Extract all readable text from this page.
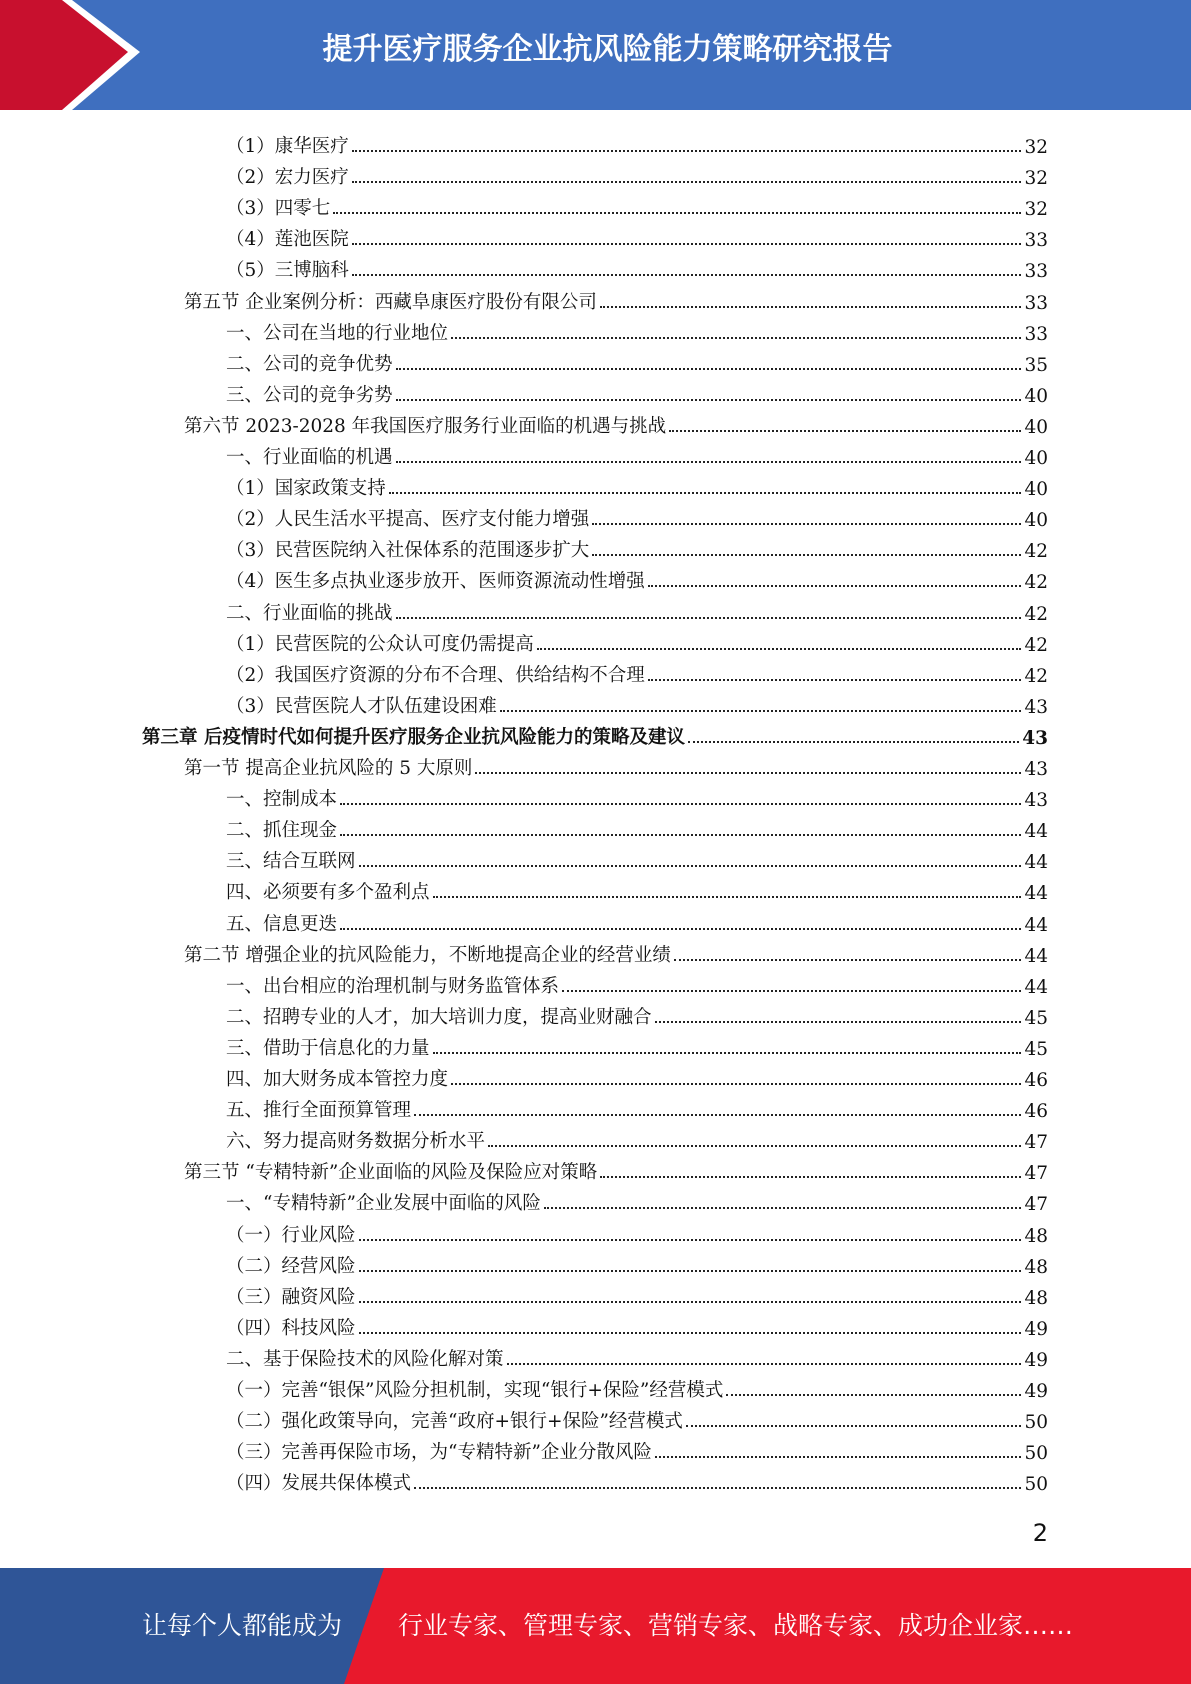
提升医疗服务企业抗风险能力策略研究报告
（1）康华医疗	32
（2）宏力医疗	32
（3）四零七	32
（4）莲池医院	33
（5）三博脑科	33
第五节 企业案例分析：西藏阜康医疗股份有限公司	33
一、公司在当地的行业地位	33
二、公司的竞争优势	35
三、公司的竞争劣势	40
第六节 2023-2028 年我国医疗服务行业面临的机遇与挑战	40
一、行业面临的机遇	40
（1）国家政策支持	40
（2）人民生活水平提高、医疗支付能力增强	40
（3）民营医院纳入社保体系的范围逐步扩大	42
（4）医生多点执业逐步放开、医师资源流动性增强	42
二、行业面临的挑战	42
（1）民营医院的公众认可度仍需提高	42
（2）我国医疗资源的分布不合理、供给结构不合理	42
（3）民营医院人才队伍建设困难	43
第三章 后疫情时代如何提升医疗服务企业抗风险能力的策略及建议	43
第一节 提高企业抗风险的 5 大原则	43
一、控制成本	43
二、抓住现金	44
三、结合互联网	44
四、必须要有多个盈利点	44
五、信息更迭	44
第二节 增强企业的抗风险能力，不断地提高企业的经营业绩	44
一、出台相应的治理机制与财务监管体系	44
二、招聘专业的人才，加大培训力度，提高业财融合	45
三、借助于信息化的力量	45
四、加大财务成本管控力度	46
五、推行全面预算管理	46
六、努力提高财务数据分析水平	47
第三节 “专精特新”企业面临的风险及保险应对策略	47
一、“专精特新”企业发展中面临的风险	47
（一）行业风险	48
（二）经营风险	48
（三）融资风险	48
（四）科技风险	49
二、基于保险技术的风险化解对策	49
（一）完善“银保”风险分担机制，实现“银行+保险”经营模式	49
（二）强化政策导向，完善“政府+银行+保险”经营模式	50
（三）完善再保险市场，为“专精特新”企业分散风险	50
（四）发展共保体模式	50
2
让每个人都能成为 行业专家、管理专家、营销专家、战略专家、成功企业家……
